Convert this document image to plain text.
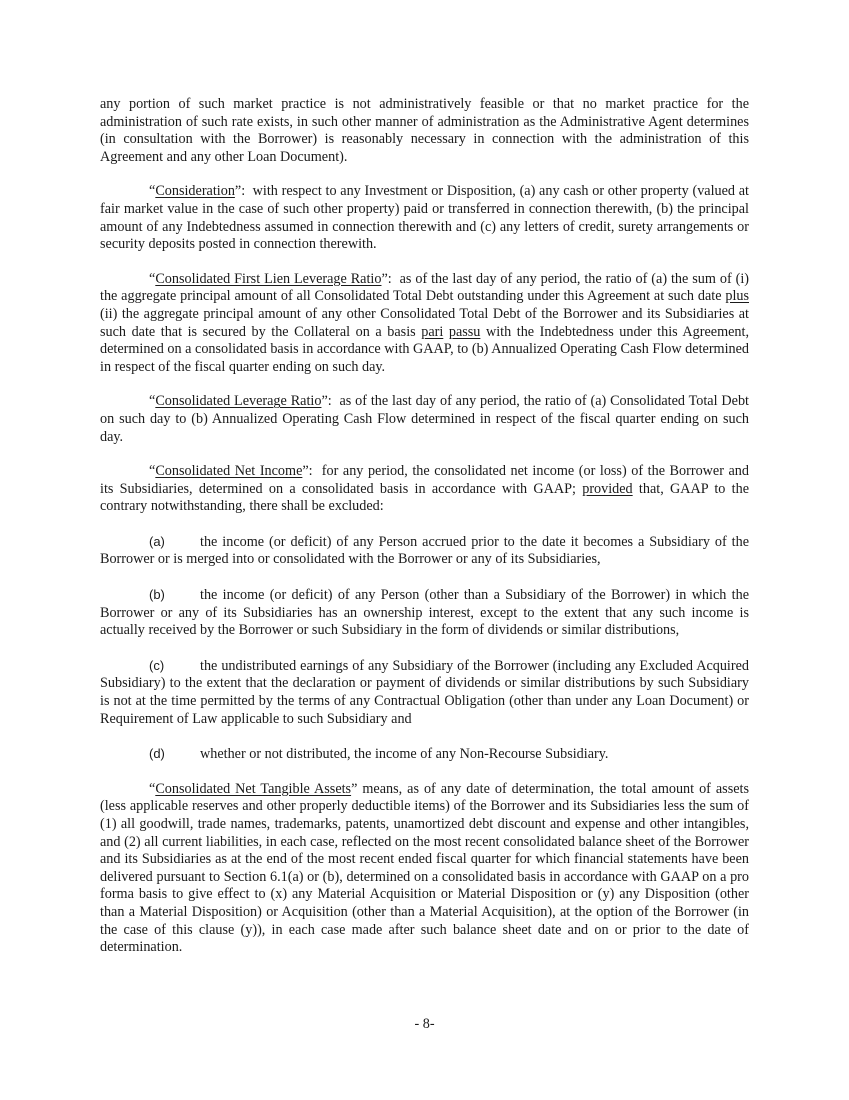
any portion of such market practice is not administratively feasible or that no market practice for the administration of such rate exists, in such other manner of administration as the Administrative Agent determines (in consultation with the Borrower) is reasonably necessary in connection with the administration of this Agreement and any other Loan Document).

“Consideration”:  with respect to any Investment or Disposition, (a) any cash or other property (valued at fair market value in the case of such other property) paid or transferred in connection therewith, (b) the principal amount of any Indebtedness assumed in connection therewith and (c) any letters of credit, surety arrangements or security deposits posted in connection therewith.

“Consolidated First Lien Leverage Ratio”:  as of the last day of any period, the ratio of (a) the sum of (i) the aggregate principal amount of all Consolidated Total Debt outstanding under this Agreement at such date plus (ii) the aggregate principal amount of any other Consolidated Total Debt of the Borrower and its Subsidiaries at such date that is secured by the Collateral on a basis pari passu with the Indebtedness under this Agreement, determined on a consolidated basis in accordance with GAAP, to (b) Annualized Operating Cash Flow determined in respect of the fiscal quarter ending on such day.

“Consolidated Leverage Ratio”:  as of the last day of any period, the ratio of (a) Consolidated Total Debt on such day to (b) Annualized Operating Cash Flow determined in respect of the fiscal quarter ending on such day.

“Consolidated Net Income”:  for any period, the consolidated net income (or loss) of the Borrower and its Subsidiaries, determined on a consolidated basis in accordance with GAAP; provided that, GAAP to the contrary notwithstanding, there shall be excluded:

(a) the income (or deficit) of any Person accrued prior to the date it becomes a Subsidiary of the Borrower or is merged into or consolidated with the Borrower or any of its Subsidiaries,

(b) the income (or deficit) of any Person (other than a Subsidiary of the Borrower) in which the Borrower or any of its Subsidiaries has an ownership interest, except to the extent that any such income is actually received by the Borrower or such Subsidiary in the form of dividends or similar distributions,

(c)	the undistributed earnings of any Subsidiary of the Borrower (including any Excluded Acquired Subsidiary) to the extent that the declaration or payment of dividends or similar distributions by such Subsidiary is not at the time permitted by the terms of any Contractual Obligation (other than under any Loan Document) or Requirement of Law applicable to such Subsidiary and

(d) whether or not distributed, the income of any Non-Recourse Subsidiary.

“Consolidated Net Tangible Assets” means, as of any date of determination, the total amount of assets (less applicable reserves and other properly deductible items) of the Borrower and its Subsidiaries less the sum of (1) all goodwill, trade names, trademarks, patents, unamortized debt discount and expense and other intangibles, and (2) all current liabilities, in each case, reflected on the most recent consolidated balance sheet of the Borrower and its Subsidiaries as at the end of the most recent ended fiscal quarter for which financial statements have been delivered pursuant to Section 6.1(a) or (b), determined on a consolidated basis in accordance with GAAP on a pro forma basis to give effect to (x) any Material Acquisition or Material Disposition or (y) any Disposition (other than a Material Disposition) or Acquisition (other than a Material Acquisition), at the option of the Borrower (in the case of this clause (y)), in each case made after such balance sheet date and on or prior to the date of determination.

- 8-
